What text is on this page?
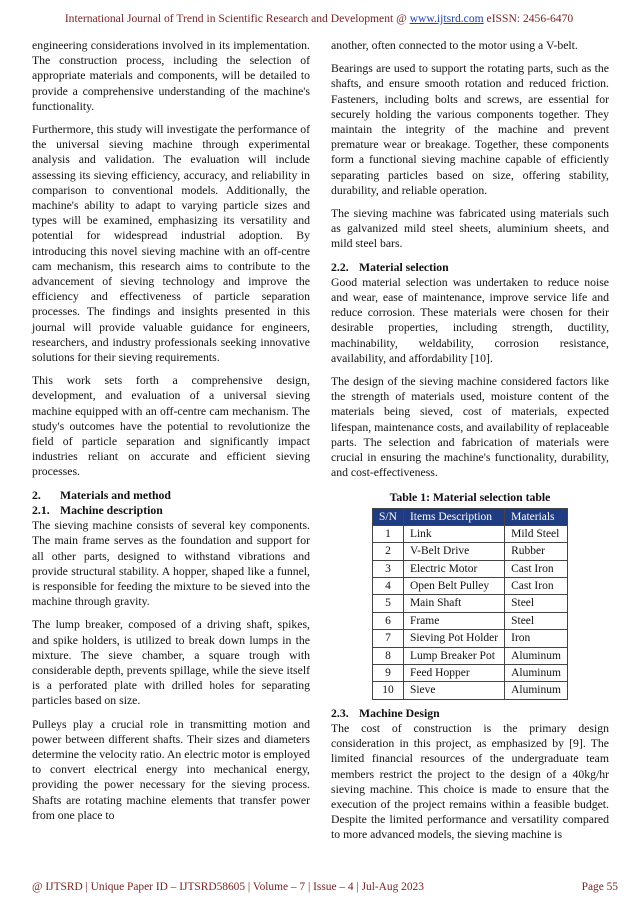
International Journal of Trend in Scientific Research and Development @ www.ijtsrd.com eISSN: 2456-6470

engineering considerations involved in its implementation. The construction process, including the selection of appropriate materials and components, will be detailed to provide a comprehensive understanding of the machine's functionality.

Furthermore, this study will investigate the performance of the universal sieving machine through experimental analysis and validation. The evaluation will include assessing its sieving efficiency, accuracy, and reliability in comparison to conventional models. Additionally, the machine's ability to adapt to varying particle sizes and types will be examined, emphasizing its versatility and potential for widespread industrial adoption. By introducing this novel sieving machine with an off-centre cam mechanism, this research aims to contribute to the advancement of sieving technology and improve the efficiency and effectiveness of particle separation processes. The findings and insights presented in this journal will provide valuable guidance for engineers, researchers, and industry professionals seeking innovative solutions for their sieving requirements.

This work sets forth a comprehensive design, development, and evaluation of a universal sieving machine equipped with an off-centre cam mechanism. The study's outcomes have the potential to revolutionize the field of particle separation and significantly impact industries reliant on accurate and efficient sieving processes.

2. Materials and method
2.1. Machine description

The sieving machine consists of several key components. The main frame serves as the foundation and support for all other parts, designed to withstand vibrations and provide structural stability. A hopper, shaped like a funnel, is responsible for feeding the mixture to be sieved into the machine through gravity.

The lump breaker, composed of a driving shaft, spikes, and spike holders, is utilized to break down lumps in the mixture. The sieve chamber, a square trough with considerable depth, prevents spillage, while the sieve itself is a perforated plate with drilled holes for separating particles based on size.

Pulleys play a crucial role in transmitting motion and power between different shafts. Their sizes and diameters determine the velocity ratio. An electric motor is employed to convert electrical energy into mechanical energy, providing the power necessary for the sieving process. Shafts are rotating machine elements that transfer power from one place to

another, often connected to the motor using a V-belt.

Bearings are used to support the rotating parts, such as the shafts, and ensure smooth rotation and reduced friction. Fasteners, including bolts and screws, are essential for securely holding the various components together. They maintain the integrity of the machine and prevent premature wear or breakage. Together, these components form a functional sieving machine capable of efficiently separating particles based on size, offering stability, durability, and reliable operation.

The sieving machine was fabricated using materials such as galvanized mild steel sheets, aluminium sheets, and mild steel bars.

2.2. Material selection

Good material selection was undertaken to reduce noise and wear, ease of maintenance, improve service life and reduce corrosion. These materials were chosen for their desirable properties, including strength, ductility, machinability, weldability, corrosion resistance, availability, and affordability [10].

The design of the sieving machine considered factors like the strength of materials used, moisture content of the materials being sieved, cost of materials, expected lifespan, maintenance costs, and availability of replaceable parts. The selection and fabrication of materials were crucial in ensuring the machine's functionality, durability, and cost-effectiveness.

Table 1: Material selection table
S/N	Items Description	Materials
1	Link	Mild Steel
2	V-Belt Drive	Rubber
3	Electric Motor	Cast Iron
4	Open Belt Pulley	Cast Iron
5	Main Shaft	Steel
6	Frame	Steel
7	Sieving Pot Holder	Iron
8	Lump Breaker Pot	Aluminum
9	Feed Hopper	Aluminum
10	Sieve	Aluminum
2.3. Machine Design

The cost of construction is the primary design consideration in this project, as emphasized by [9]. The limited financial resources of the undergraduate team members restrict the project to the design of a 40kg/hr sieving machine. This choice is made to ensure that the execution of the project remains within a feasible budget. Despite the limited performance and versatility compared to more advanced models, the sieving machine is

@ IJTSRD | Unique Paper ID – IJTSRD58605 | Volume – 7 | Issue – 4 | Jul-Aug 2023	Page 55
